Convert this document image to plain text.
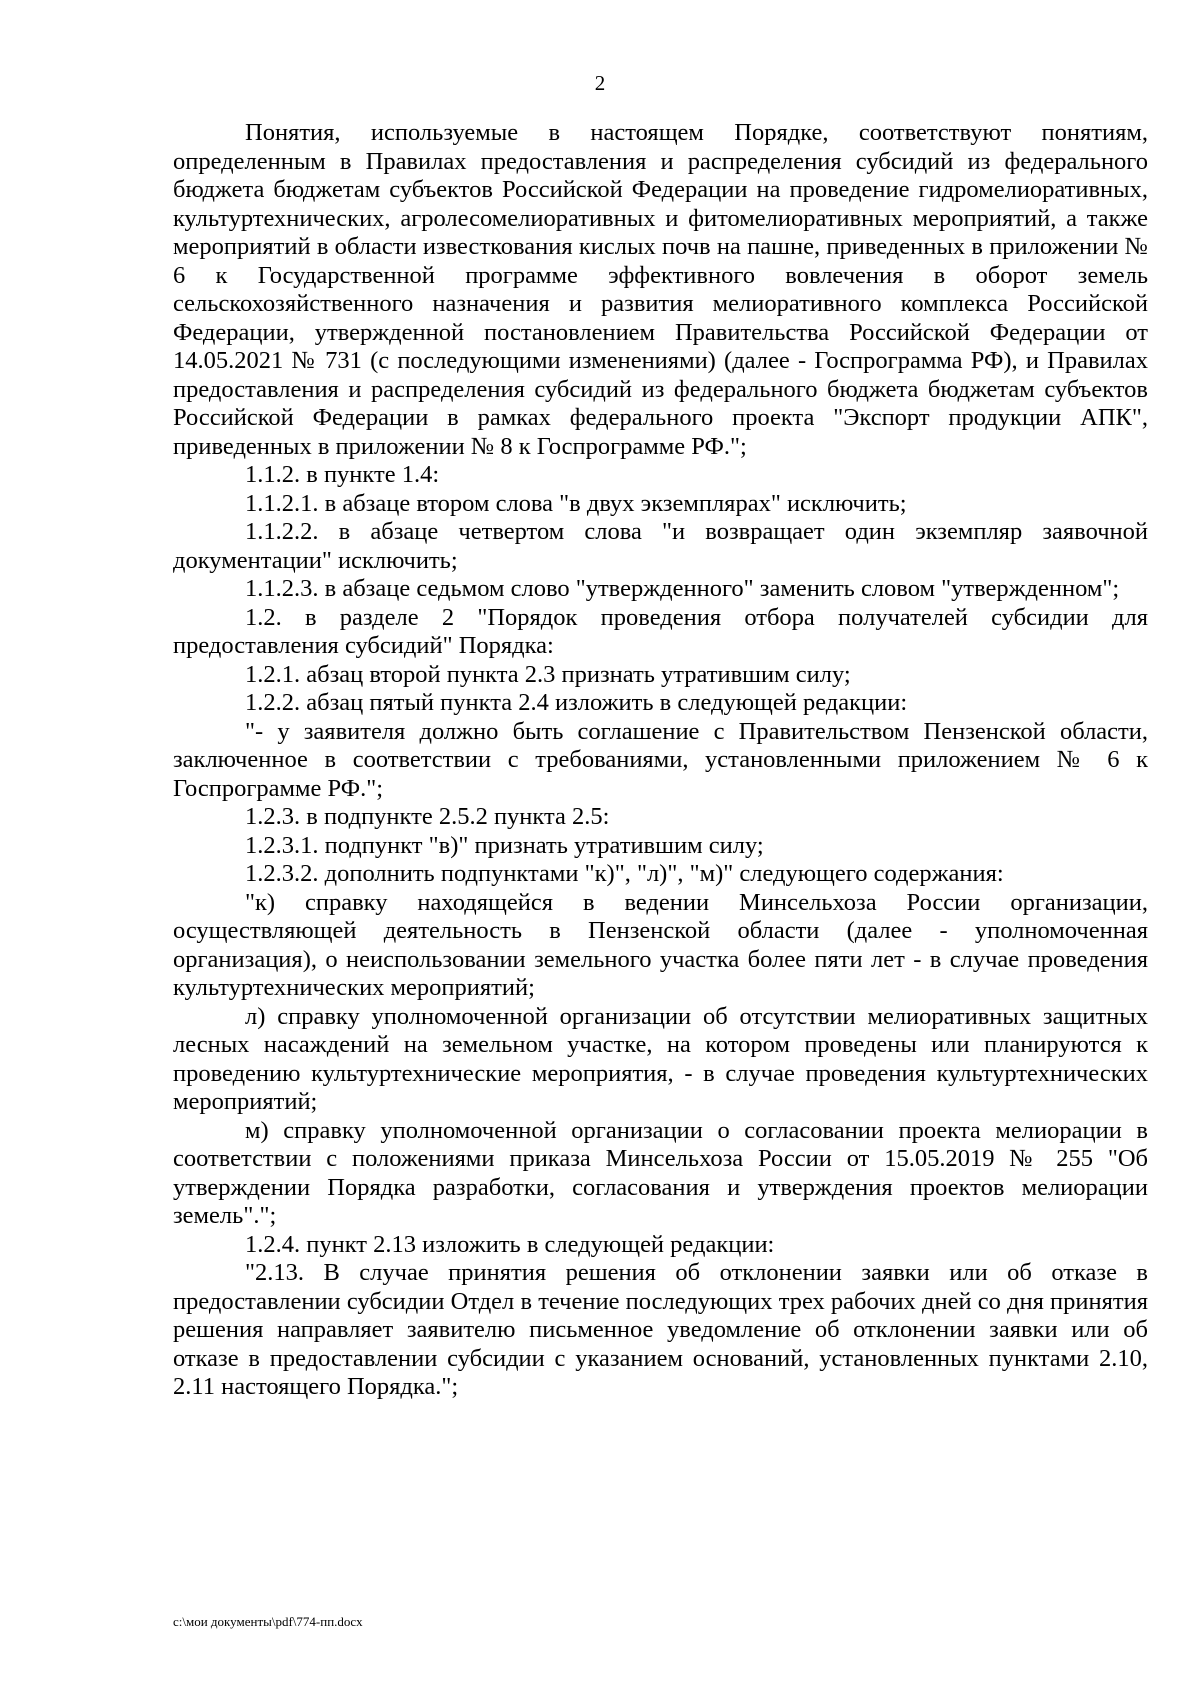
2

Понятия, используемые в настоящем Порядке, соответствуют понятиям, определенным в Правилах предоставления и распределения субсидий из федерального бюджета бюджетам субъектов Российской Федерации на проведение гидромелиоративных, культуртехнических, агролесомелиоративных и фитомелиоративных мероприятий, а также мероприятий в области известкования кислых почв на пашне, приведенных в приложении № 6 к Государственной программе эффективного вовлечения в оборот земель сельскохозяйственного назначения и развития мелиоративного комплекса Российской Федерации, утвержденной постановлением Правительства Российской Федерации от 14.05.2021 № 731 (с последующими изменениями) (далее - Госпрограмма РФ), и Правилах предоставления и распределения субсидий из федерального бюджета бюджетам субъектов Российской Федерации в рамках федерального проекта "Экспорт продукции АПК", приведенных в приложении № 8 к Госпрограмме РФ.";

1.1.2. в пункте 1.4:

1.1.2.1. в абзаце втором слова "в двух экземплярах" исключить;

1.1.2.2. в абзаце четвертом слова "и возвращает один экземпляр заявочной документации" исключить;

1.1.2.3. в абзаце седьмом слово "утвержденного" заменить словом "утвержденном";

1.2. в разделе 2 "Порядок проведения отбора получателей субсидии для предоставления субсидий" Порядка:

1.2.1. абзац второй пункта 2.3 признать утратившим силу;

1.2.2. абзац пятый пункта 2.4 изложить в следующей редакции:

"- у заявителя должно быть соглашение с Правительством Пензенской области, заключенное в соответствии с требованиями, установленными приложением № 6 к Госпрограмме РФ.";

1.2.3. в подпункте 2.5.2 пункта 2.5:

1.2.3.1. подпункт "в)" признать утратившим силу;

1.2.3.2. дополнить подпунктами "к)", "л)", "м)" следующего содержания:

"к) справку находящейся в ведении Минсельхоза России организации, осуществляющей деятельность в Пензенской области (далее - уполномоченная организация), о неиспользовании земельного участка более пяти лет - в случае проведения культуртехнических мероприятий;

л) справку уполномоченной организации об отсутствии мелиоративных защитных лесных насаждений на земельном участке, на котором проведены или планируются к проведению культуртехнические мероприятия, - в случае проведения культуртехнических мероприятий;

м) справку уполномоченной организации о согласовании проекта мелиорации в соответствии с положениями приказа Минсельхоза России от 15.05.2019 № 255 "Об утверждении Порядка разработки, согласования и утверждения проектов мелиорации земель".";

1.2.4. пункт 2.13 изложить в следующей редакции:

"2.13. В случае принятия решения об отклонении заявки или об отказе в предоставлении субсидии Отдел в течение последующих трех рабочих дней со дня принятия решения направляет заявителю письменное уведомление об отклонении заявки или об отказе в предоставлении субсидии с указанием оснований, установленных пунктами 2.10, 2.11 настоящего Порядка.";

c:\мои документы\pdf\774-пп.docx
